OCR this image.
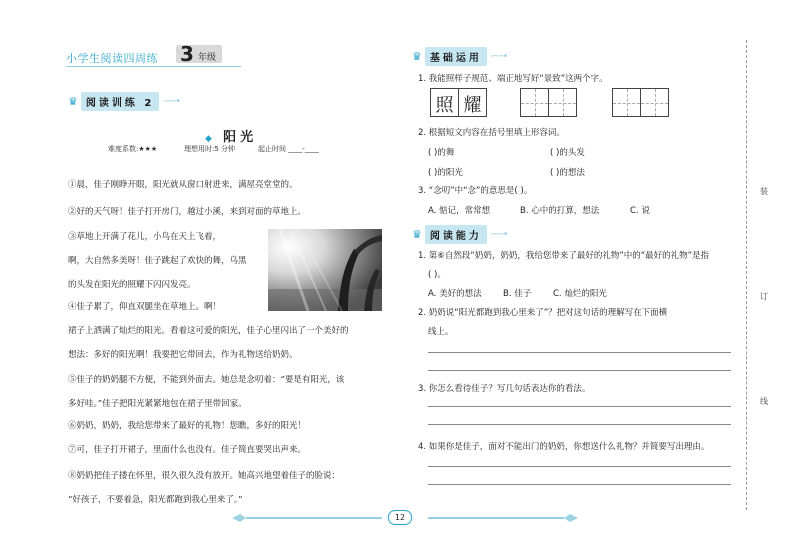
小学生阅读四周练 3 年级
♛ 阅读训练 2 ∽∽•
◆ 阳光
难度系数:★★★	理想用时:5 分钟	起止时间 ____-____
①晨，佳子刚睁开眼，阳光就从窗口射进来，满屋亮堂堂的。
②好的天气呀！佳子打开房门，越过小溪，来到对面的草地上。
③草地上开满了花儿，小鸟在天上飞着，
啊，大自然多美呀！佳子跳起了欢快的舞，乌黑
的头发在阳光的照耀下闪闪发亮。
④佳子累了，仰直双腿坐在草地上。啊！
裙子上洒满了灿烂的阳光。看着这可爱的阳光，佳子心里闪出了一个美好的
想法：多好的阳光啊！我要把它带回去，作为礼物送给奶奶。
⑤佳子的奶奶腿不方便，不能到外面去。她总是念叨着：“要是有阳光，该
多好哇。”佳子把阳光紧紧地包在裙子里带回家。
⑥奶奶，奶奶，我给您带来了最好的礼物！您瞧，多好的阳光！
⑦可，佳子打开裙子，里面什么也没有。佳子简直要哭出声来。
⑧奶奶把佳子搂在怀里，很久很久没有放开。她高兴地望着佳子的脸说：
“好孩子，不要着急，阳光都跑到我心里来了。”
♛ 基础运用 ∽∽•
1. 我能照样子规范、端正地写好“景致”这两个字。
照 耀
2. 根据短文内容在括号里填上形容词。
( )的舞	( )的头发
( )的阳光	( )的想法
3. “念叨”中“念”的意思是( )。
A. 惦记，常常想	B. 心中的打算，想法	C. 说
♛ 阅读能力 ∽∽•
1. 第⑥自然段“奶奶，奶奶，我给您带来了最好的礼物”中的“最好的礼物”是指
( )。
A. 美好的想法	B. 佳子	C. 灿烂的阳光
2. 奶奶说“阳光都跑到我心里来了”？把对这句话的理解写在下面横
线上。
3. 你怎么看待佳子？写几句话表达你的看法。
4. 如果你是佳子，面对不能出门的奶奶，你想送什么礼物？并简要写出理由。
装
订
线
12
